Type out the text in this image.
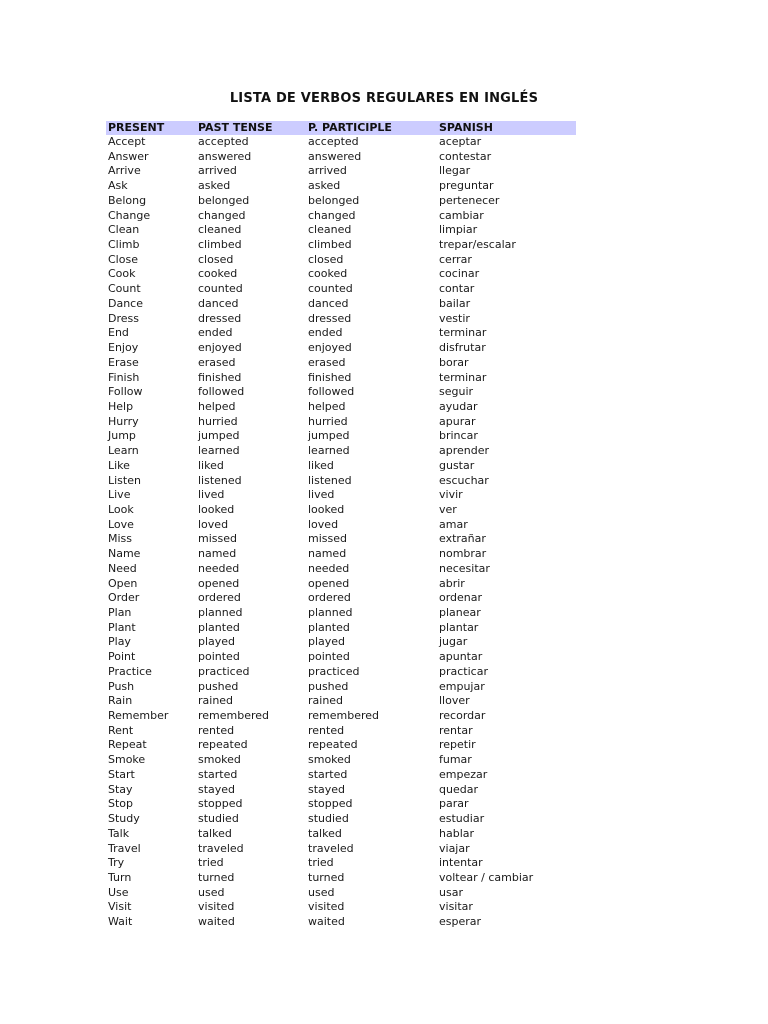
LISTA DE VERBOS REGULARES EN INGLÉS
PRESENT	PAST TENSE	P. PARTICIPLE	SPANISH
Accept	accepted	accepted	aceptar
Answer	answered	answered	contestar
Arrive	arrived	arrived	llegar
Ask	asked	asked	preguntar
Belong	belonged	belonged	pertenecer
Change	changed	changed	cambiar
Clean	cleaned	cleaned	limpiar
Climb	climbed	climbed	trepar/escalar
Close	closed	closed	cerrar
Cook	cooked	cooked	cocinar
Count	counted	counted	contar
Dance	danced	danced	bailar
Dress	dressed	dressed	vestir
End	ended	ended	terminar
Enjoy	enjoyed	enjoyed	disfrutar
Erase	erased	erased	borar
Finish	finished	finished	terminar
Follow	followed	followed	seguir
Help	helped	helped	ayudar
Hurry	hurried	hurried	apurar
Jump	jumped	jumped	brincar
Learn	learned	learned	aprender
Like	liked	liked	gustar
Listen	listened	listened	escuchar
Live	lived	lived	vivir
Look	looked	looked	ver
Love	loved	loved	amar
Miss	missed	missed	extrañar
Name	named	named	nombrar
Need	needed	needed	necesitar
Open	opened	opened	abrir
Order	ordered	ordered	ordenar
Plan	planned	planned	planear
Plant	planted	planted	plantar
Play	played	played	jugar
Point	pointed	pointed	apuntar
Practice	practiced	practiced	practicar
Push	pushed	pushed	empujar
Rain	rained	rained	llover
Remember	remembered	remembered	recordar
Rent	rented	rented	rentar
Repeat	repeated	repeated	repetir
Smoke	smoked	smoked	fumar
Start	started	started	empezar
Stay	stayed	stayed	quedar
Stop	stopped	stopped	parar
Study	studied	studied	estudiar
Talk	talked	talked	hablar
Travel	traveled	traveled	viajar
Try	tried	tried	intentar
Turn	turned	turned	voltear / cambiar
Use	used	used	usar
Visit	visited	visited	visitar
Wait	waited	waited	esperar
